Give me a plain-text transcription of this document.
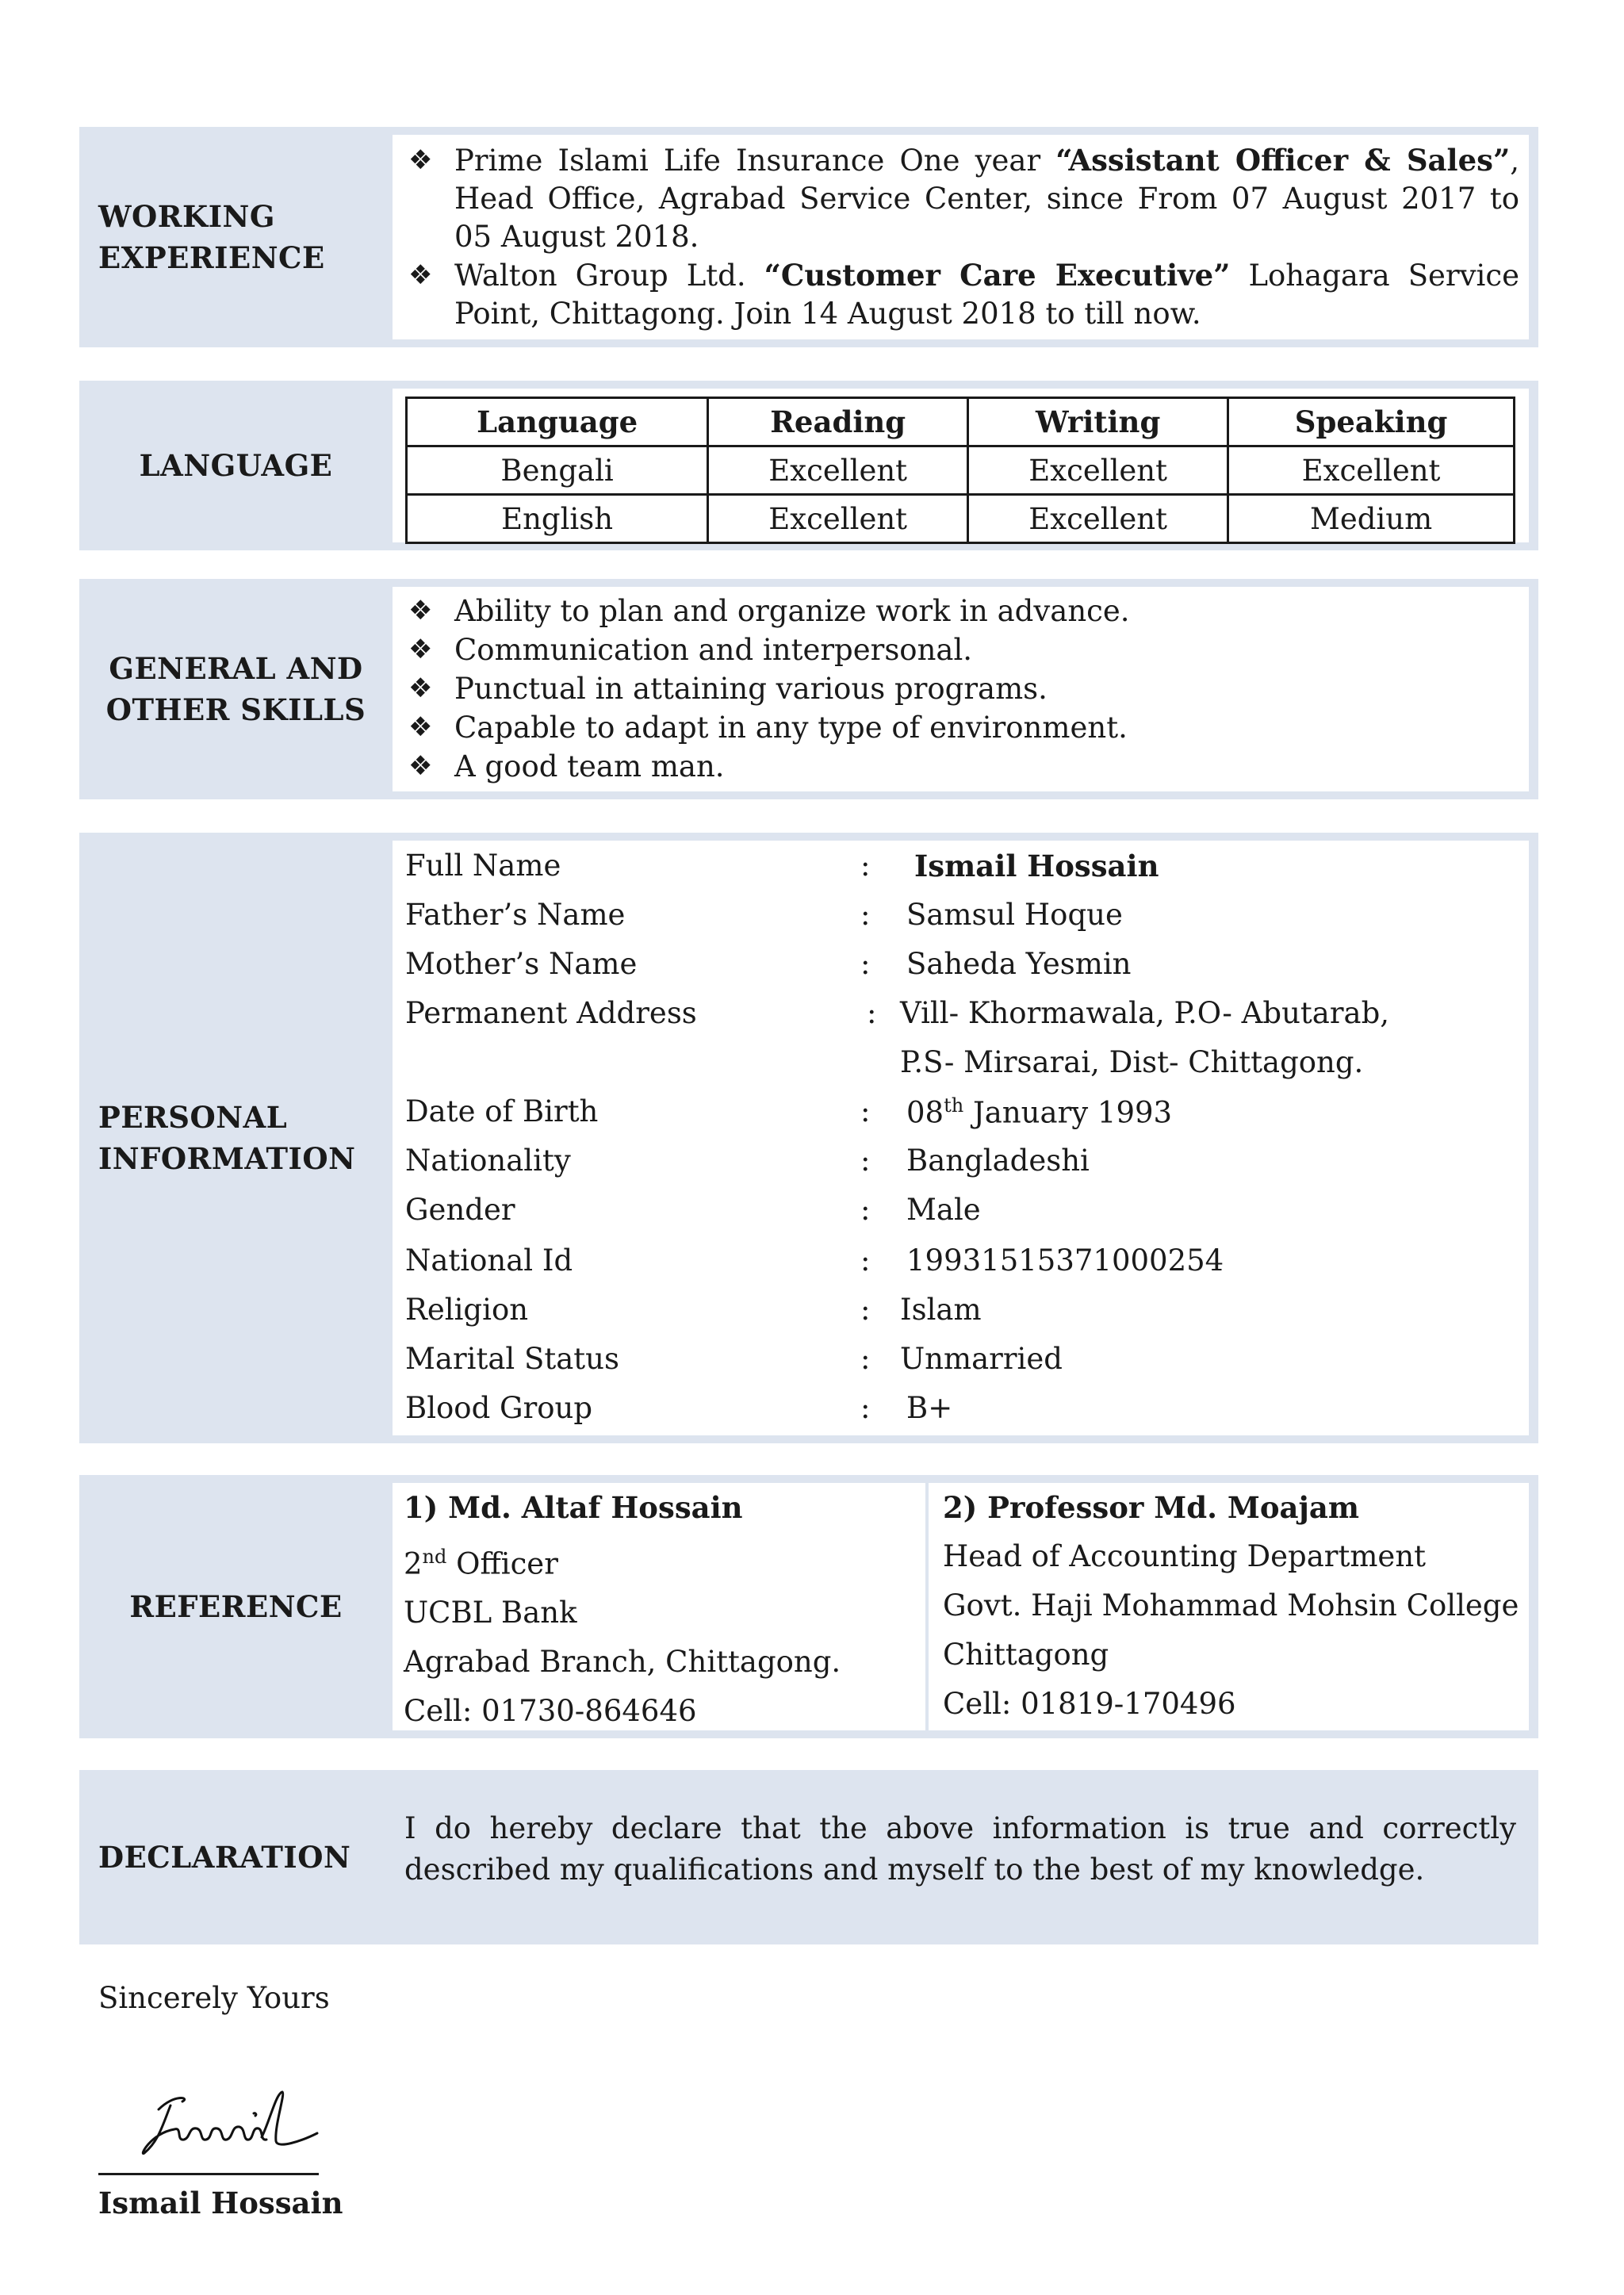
WORKING
EXPERIENCE
❖ Prime Islami Life Insurance One year “Assistant Officer & Sales”, Head Office, Agrabad Service Center, since From 07 August 2017 to 05 August 2018.
❖ Walton Group Ltd. “Customer Care Executive” Lohagara Service Point, Chittagong. Join 14 August 2018 to till now.
LANGUAGE
Language	Reading	Writing	Speaking
Bengali	Excellent	Excellent	Excellent
English	Excellent	Excellent	Medium
GENERAL AND
OTHER SKILLS
❖ Ability to plan and organize work in advance.
❖ Communication and interpersonal.
❖ Punctual in attaining various programs.
❖ Capable to adapt in any type of environment.
❖ A good team man.
PERSONAL
INFORMATION
Full Name	: Ismail Hossain
Father’s Name	: Samsul Hoque
Mother’s Name	: Saheda Yesmin
Permanent Address	: Vill- Khormawala, P.O- Abutarab,
P.S- Mirsarai, Dist- Chittagong.
Date of Birth	: 08th January 1993
Nationality	: Bangladeshi
Gender	: Male
National Id	: 19931515371000254
Religion	: Islam
Marital Status	: Unmarried
Blood Group	: B+
REFERENCE
1) Md. Altaf Hossain
2nd Officer
UCBL Bank
Agrabad Branch, Chittagong.
Cell: 01730-864646
2) Professor Md. Moajam
Head of Accounting Department
Govt. Haji Mohammad Mohsin College
Chittagong
Cell: 01819-170496
DECLARATION
I do hereby declare that the above information is true and correctly described my qualifications and myself to the best of my knowledge.
Sincerely Yours
Ismail Hossain
